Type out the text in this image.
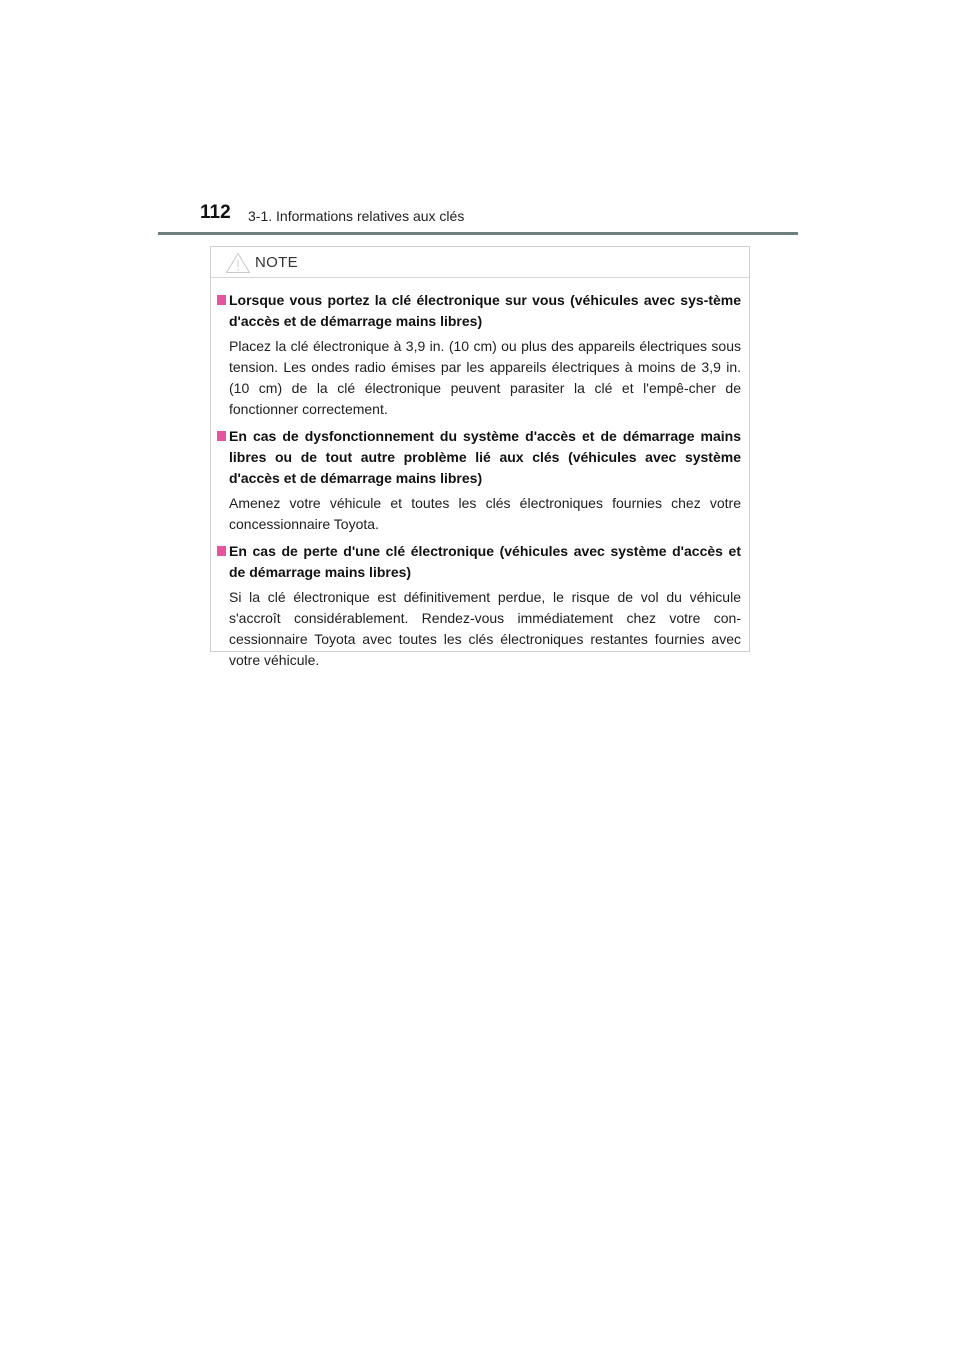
112 3-1. Informations relatives aux clés
NOTE
Lorsque vous portez la clé électronique sur vous (véhicules avec sys-tème d'accès et de démarrage mains libres)
Placez la clé électronique à 3,9 in. (10 cm) ou plus des appareils électriques sous tension. Les ondes radio émises par les appareils électriques à moins de 3,9 in. (10 cm) de la clé électronique peuvent parasiter la clé et l'empê-cher de fonctionner correctement.
En cas de dysfonctionnement du système d'accès et de démarrage mains libres ou de tout autre problème lié aux clés (véhicules avec système d'accès et de démarrage mains libres)
Amenez votre véhicule et toutes les clés électroniques fournies chez votre concessionnaire Toyota.
En cas de perte d'une clé électronique (véhicules avec système d'accès et de démarrage mains libres)
Si la clé électronique est définitivement perdue, le risque de vol du véhicule s'accroît considérablement. Rendez-vous immédiatement chez votre con-cessionnaire Toyota avec toutes les clés électroniques restantes fournies avec votre véhicule.
